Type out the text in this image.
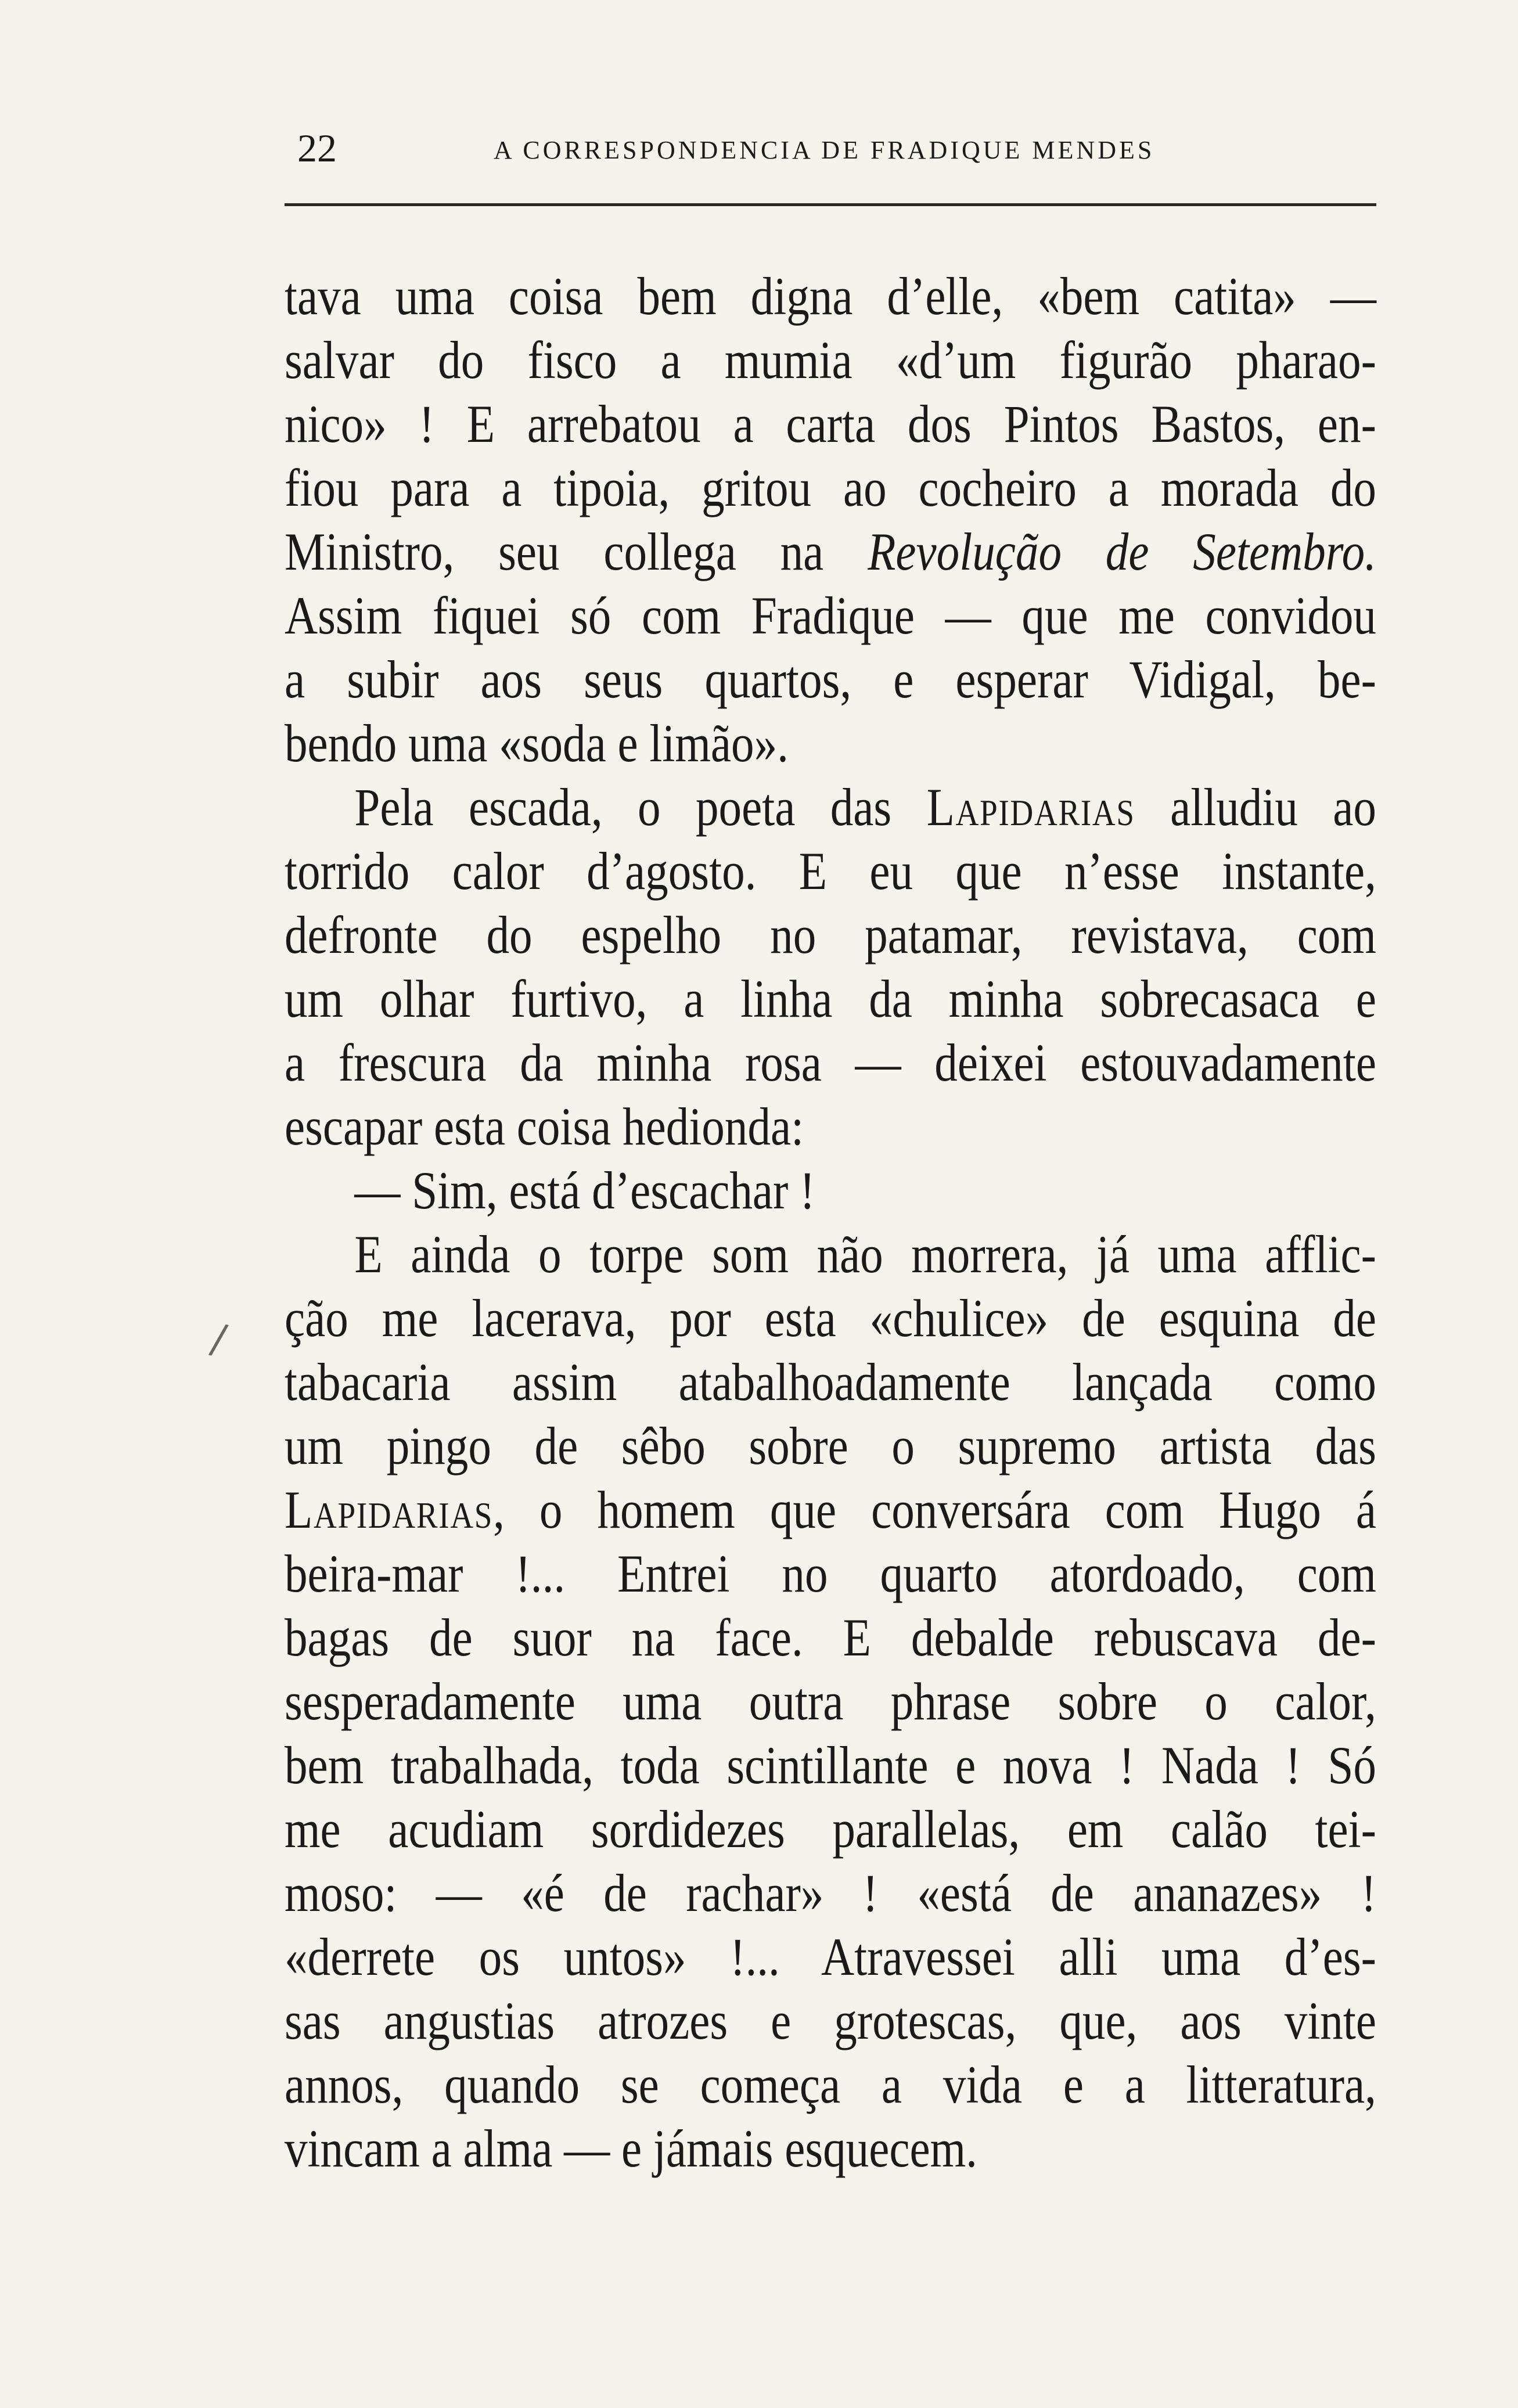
22	A CORRESPONDENCIA DE FRADIQUE MENDES
/
tava uma coisa bem digna d’elle, «bem catita» —
salvar do fisco a mumia «d’um figurão pharao-
nico» ! E arrebatou a carta dos Pintos Bastos, en-
fiou para a tipoia, gritou ao cocheiro a morada do
Ministro, seu collega na Revolução de Setembro.
Assim fiquei só com Fradique — que me convidou
a subir aos seus quartos, e esperar Vidigal, be-
bendo uma «soda e limão».
Pela escada, o poeta das Lapidarias alludiu ao
torrido calor d’agosto. E eu que n’esse instante,
defronte do espelho no patamar, revistava, com
um olhar furtivo, a linha da minha sobrecasaca e
a frescura da minha rosa — deixei estouvadamente
escapar esta coisa hedionda:
— Sim, está d’escachar !
E ainda o torpe som não morrera, já uma afflic-
ção me lacerava, por esta «chulice» de esquina de
tabacaria assim atabalhoadamente lançada como
um pingo de sêbo sobre o supremo artista das
Lapidarias, o homem que conversára com Hugo á
beira-mar !... Entrei no quarto atordoado, com
bagas de suor na face. E debalde rebuscava de-
sesperadamente uma outra phrase sobre o calor,
bem trabalhada, toda scintillante e nova ! Nada ! Só
me acudiam sordidezes parallelas, em calão tei-
moso: — «é de rachar» ! «está de ananazes» !
«derrete os untos» !... Atravessei alli uma d’es-
sas angustias atrozes e grotescas, que, aos vinte
annos, quando se começa a vida e a litteratura,
vincam a alma — e jámais esquecem.
